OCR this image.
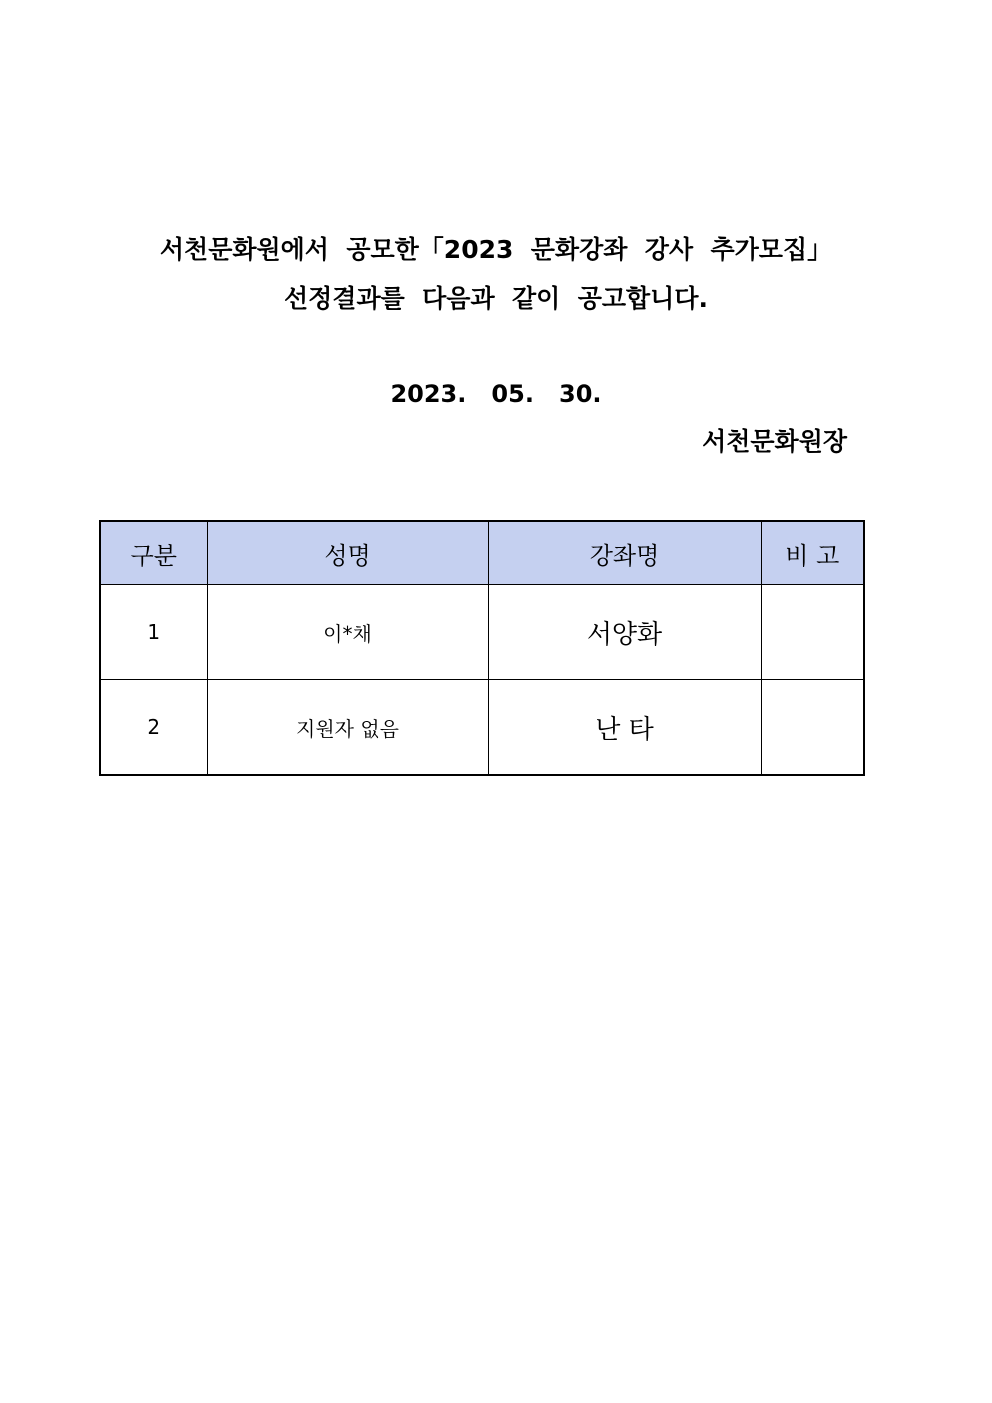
서천문화원에서  공모한「2023  문화강좌  강사  추가모집」
선정결과를  다음과  같이  공고합니다.
2023.   05.   30.
서천문화원장
구분	성명	강좌명	비 고
1	이*채	서양화	
2	지원자 없음	난 타	
